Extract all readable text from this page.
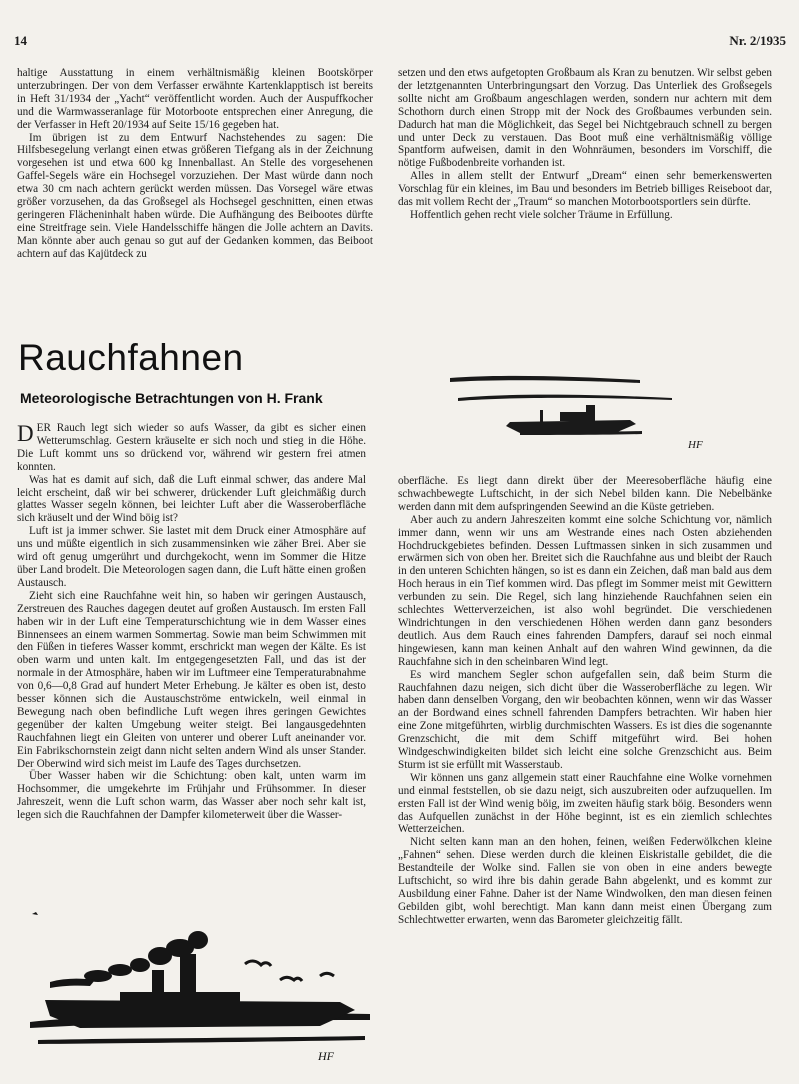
14	Nr. 2/1935

haltige Ausstattung in einem verhältnismäßig kleinen Bootskörper unterzubringen. Der von dem Verfasser erwähnte Kartenklapptisch ist bereits in Heft 31/1934 der „Yacht“ veröffentlicht worden. Auch der Auspuffkocher und die Warmwasseranlage für Motorboote entsprechen einer Anregung, die der Verfasser in Heft 20/1934 auf Seite 15/16 gegeben hat.

Im übrigen ist zu dem Entwurf Nachstehendes zu sagen: Die Hilfsbesegelung verlangt einen etwas größeren Tiefgang als in der Zeichnung vorgesehen ist und etwa 600 kg Innenballast. An Stelle des vorgesehenen Gaffel-Segels wäre ein Hochsegel vorzuziehen. Der Mast würde dann noch etwa 30 cm nach achtern gerückt werden müssen. Das Vorsegel wäre etwas größer vorzusehen, da das Großsegel als Hochsegel geschnitten, einen etwas geringeren Flächeninhalt haben würde. Die Aufhängung des Beibootes dürfte eine Streitfrage sein. Viele Handelsschiffe hängen die Jolle achtern an Davits. Man könnte aber auch genau so gut auf der Gedanken kommen, das Beiboot achtern auf das Kajütdeck zu

setzen und den etws aufgetopten Großbaum als Kran zu benutzen. Wir selbst geben der letztgenannten Unterbringungsart den Vorzug. Das Unterliek des Großsegels sollte nicht am Großbaum angeschlagen werden, sondern nur achtern mit dem Schothorn durch einen Stropp mit der Nock des Großbaumes verbunden sein. Dadurch hat man die Möglichkeit, das Segel bei Nichtgebrauch schnell zu bergen und unter Deck zu verstauen. Das Boot muß eine verhältnismäßig völlige Spantform aufweisen, damit in den Wohnräumen, besonders im Vorschiff, die nötige Fußbodenbreite vorhanden ist.

Alles in allem stellt der Entwurf „Dream“ einen sehr bemerkenswerten Vorschlag für ein kleines, im Bau und besonders im Betrieb billiges Reiseboot dar, das mit vollem Recht der „Traum“ so manchen Motorbootsportlers sein dürfte.

Hoffentlich gehen recht viele solcher Träume in Erfüllung.

Rauchfahnen
Meteorologische Betrachtungen von H. Frank
HF

DER Rauch legt sich wieder so aufs Wasser, da gibt es sicher einen Wetterumschlag. Gestern kräuselte er sich noch und stieg in die Höhe. Die Luft kommt uns so drückend vor, während wir gestern frei atmen konnten.

Was hat es damit auf sich, daß die Luft einmal schwer, das andere Mal leicht erscheint, daß wir bei schwerer, drückender Luft gleichmäßig durch glattes Wasser segeln können, bei leichter Luft aber die Wasseroberfläche sich kräuselt und der Wind böig ist?

Luft ist ja immer schwer. Sie lastet mit dem Druck einer Atmosphäre auf uns und müßte eigentlich in sich zusammensinken wie zäher Brei. Aber sie wird oft genug umgerührt und durchgekocht, wenn im Sommer die Hitze über Land brodelt. Die Meteorologen sagen dann, die Luft hätte einen großen Austausch.

Zieht sich eine Rauchfahne weit hin, so haben wir geringen Austausch, Zerstreuen des Rauches dagegen deutet auf großen Austausch. Im ersten Fall haben wir in der Luft eine Temperaturschichtung wie in dem Wasser eines Binnensees an einem warmen Sommertag. Sowie man beim Schwimmen mit den Füßen in tieferes Wasser kommt, erschrickt man wegen der Kälte. Es ist oben warm und unten kalt. Im entgegengesetzten Fall, und das ist der normale in der Atmosphäre, haben wir im Luftmeer eine Temperaturabnahme von 0,6—0,8 Grad auf hundert Meter Erhebung. Je kälter es oben ist, desto besser können sich die Austauschströme entwickeln, weil einmal in Bewegung nach oben befindliche Luft wegen ihres geringen Gewichtes gegenüber der kalten Umgebung weiter steigt. Bei langausgedehnten Rauchfahnen liegt ein Gleiten von unterer und oberer Luft aneinander vor. Ein Fabrikschornstein zeigt dann nicht selten andern Wind als unser Stander. Der Oberwind wird sich meist im Laufe des Tages durchsetzen.

Über Wasser haben wir die Schichtung: oben kalt, unten warm im Hochsommer, die umgekehrte im Frühjahr und Frühsommer. In dieser Jahreszeit, wenn die Luft schon warm, das Wasser aber noch sehr kalt ist, legen sich die Rauchfahnen der Dampfer kilometerweit über die Wasser-

oberfläche. Es liegt dann direkt über der Meeresoberfläche häufig eine schwachbewegte Luftschicht, in der sich Nebel bilden kann. Die Nebelbänke werden dann mit dem aufspringenden Seewind an die Küste getrieben.

Aber auch zu andern Jahreszeiten kommt eine solche Schichtung vor, nämlich immer dann, wenn wir uns am Westrande eines nach Osten abziehenden Hochdruckgebietes befinden. Dessen Luftmassen sinken in sich zusammen und erwärmen sich von oben her. Breitet sich die Rauchfahne aus und bleibt der Rauch in den unteren Schichten hängen, so ist es dann ein Zeichen, daß man bald aus dem Hoch heraus in ein Tief kommen wird. Das pflegt im Sommer meist mit Gewittern verbunden zu sein. Die Regel, sich lang hinziehende Rauchfahnen seien ein schlechtes Wetterverzeichen, ist also wohl begründet. Die verschiedenen Windrichtungen in den verschiedenen Höhen werden dann ganz besonders deutlich. Aus dem Rauch eines fahrenden Dampfers, darauf sei noch einmal hingewiesen, kann man keinen Anhalt auf den wahren Wind gewinnen, da die Rauchfahne sich in den scheinbaren Wind legt.

Es wird manchem Segler schon aufgefallen sein, daß beim Sturm die Rauchfahnen dazu neigen, sich dicht über die Wasseroberfläche zu legen. Wir haben dann denselben Vorgang, den wir beobachten können, wenn wir das Wasser an der Bordwand eines schnell fahrenden Dampfers betrachten. Wir haben hier eine Zone mitgeführten, wirblig durchmischten Wassers. Es ist dies die sogenannte Grenzschicht, die mit dem Schiff mitgeführt wird. Bei hohen Windgeschwindigkeiten bildet sich leicht eine solche Grenzschicht aus. Beim Sturm ist sie erfüllt mit Wasserstaub.

Wir können uns ganz allgemein statt einer Rauchfahne eine Wolke vornehmen und einmal feststellen, ob sie dazu neigt, sich auszubreiten oder aufzuquellen. Im ersten Fall ist der Wind wenig böig, im zweiten häufig stark böig. Besonders wenn das Aufquellen zunächst in der Höhe beginnt, ist es ein ziemlich schlechtes Wetterzeichen.

Nicht selten kann man an den hohen, feinen, weißen Federwölkchen kleine „Fahnen“ sehen. Diese werden durch die kleinen Eiskristalle gebildet, die die Bestandteile der Wolke sind. Fallen sie von oben in eine anders bewegte Luftschicht, so wird ihre bis dahin gerade Bahn abgelenkt, und es kommt zur Ausbildung einer Fahne. Daher ist der Name Windwolken, den man diesen feinen Gebilden gibt, wohl berechtigt. Man kann dann meist einen Übergang zum Schlechtwetter erwarten, wenn das Barometer gleichzeitig fällt.

HF
